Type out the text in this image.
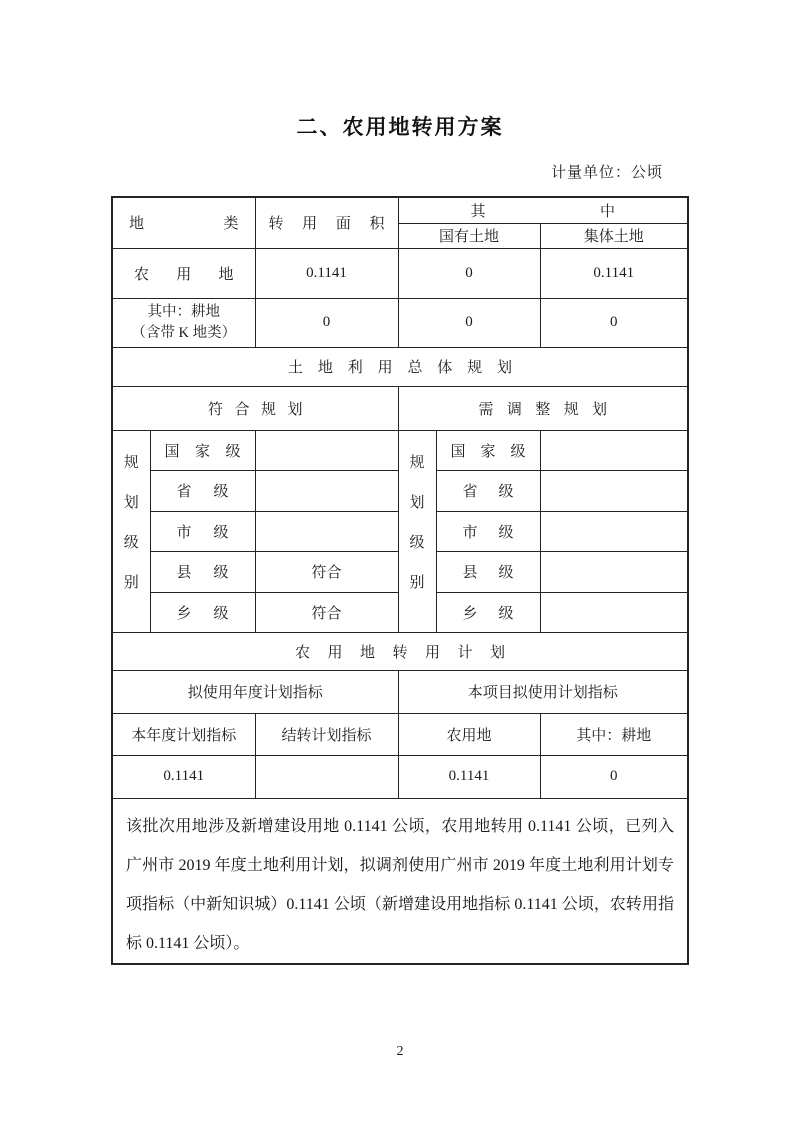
二、农用地转用方案
计量单位：公顷
地 类		转 用 面 积	其 中		

			国有土地		集体土地

农 用 地		0.1141	0		0.1141

其中：耕地
（含带 K 地类）		0	0		0

土 地 利 用 总 体 规 划

符 合 规 划			需 调 整 规 划		

规划级别	国 家 级		规划级别	国 家 级	

	省 级			省 级	

	市 级			市 级	

	县 级	符合		县 级	

	乡 级	符合		乡 级	

农 用 地 转 用 计 划

拟使用年度计划指标			本项目拟使用计划指标		
本年度计划指标		结转计划指标	农用地		其中：耕地
0.1141			0.1141		0

该批次用地涉及新增建设用地 0.1141 公顷，农用地转用 0.1141 公顷，已列入广州市 2019 年度土地利用计划，拟调剂使用广州市 2019 年度土地利用计划专项指标（中新知识城）0.1141 公顷（新增建设用地指标 0.1141 公顷，农转用指标 0.1141 公顷）。					
2
